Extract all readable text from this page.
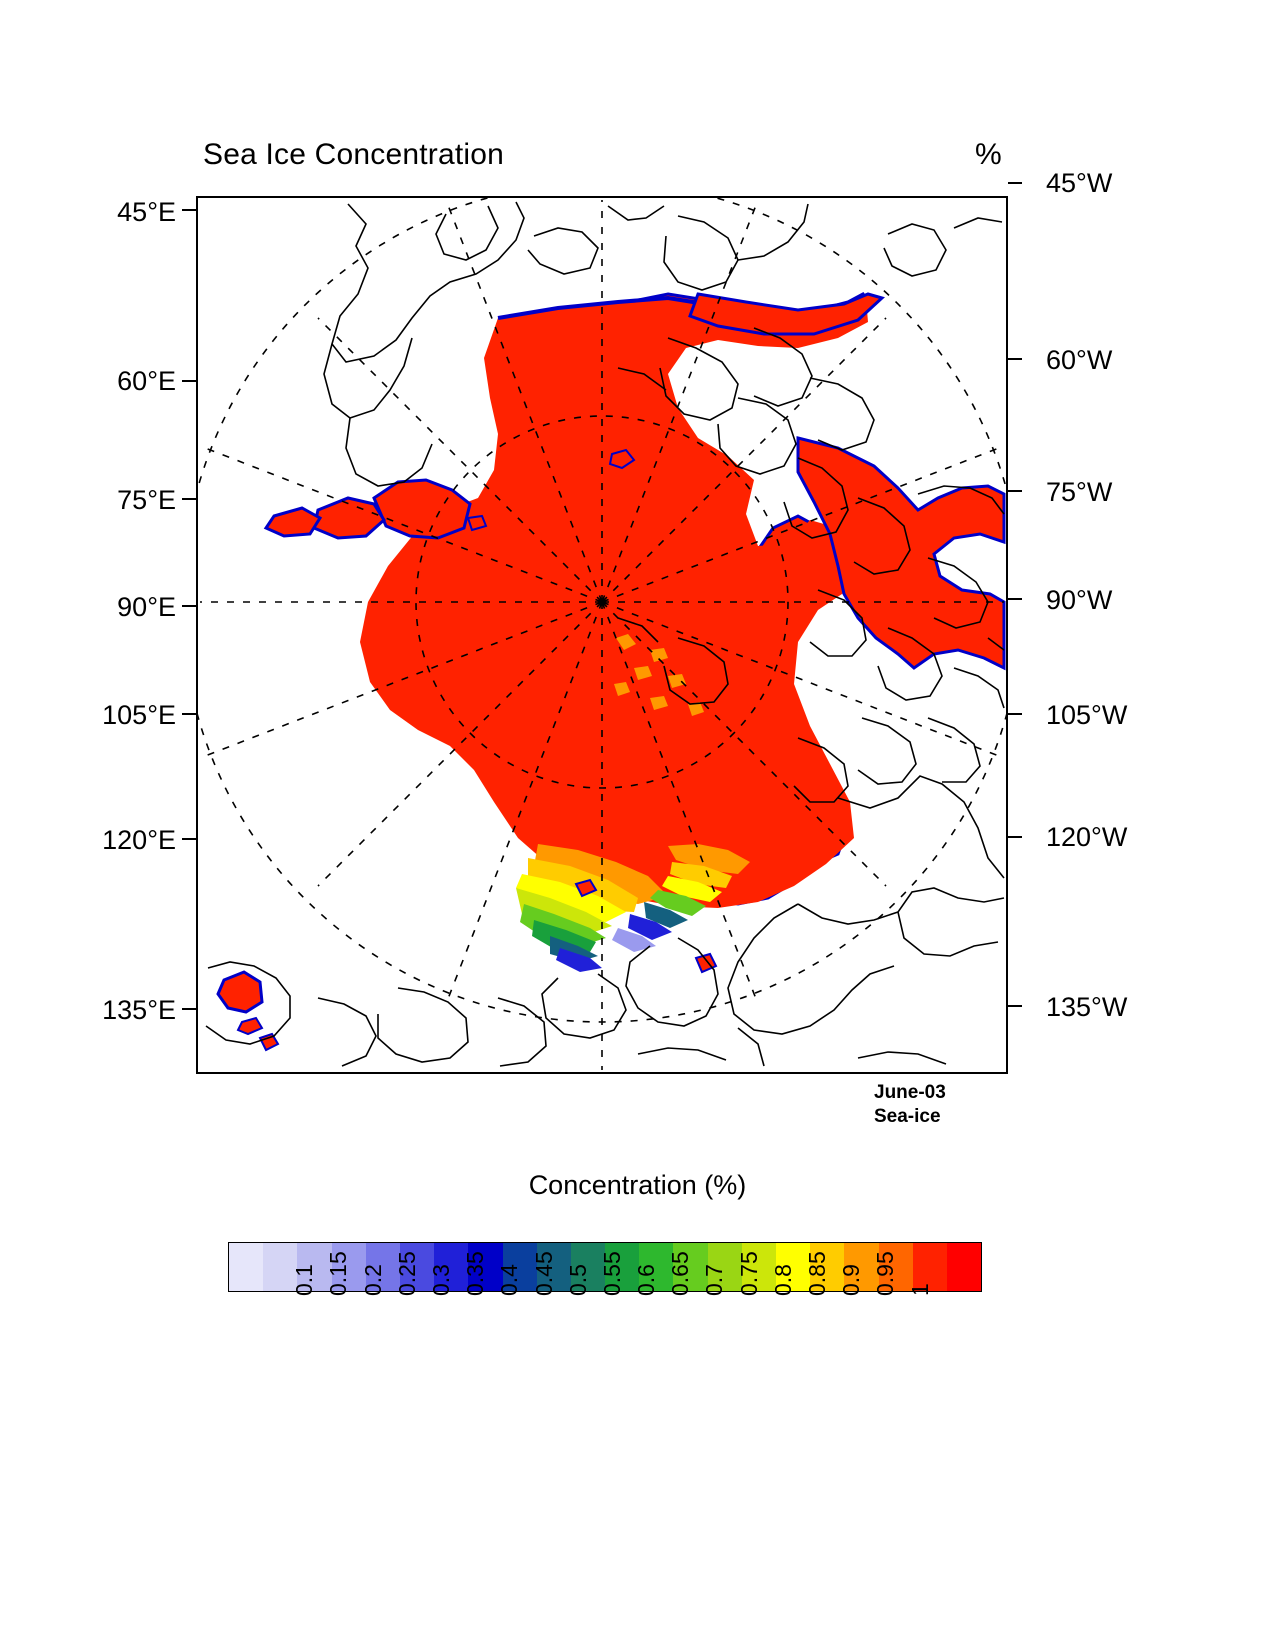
Sea Ice Concentration	%
45°E
60°E
75°E
90°E
105°E
120°E
135°E
45°W
60°W
75°W
90°W
105°W
120°W
135°W
June-03
Sea-ice
Concentration (%)
0.1 0.15 0.2 0.25 0.3 0.35 0.4 0.45 0.5 0.55 0.6 0.65 0.7 0.75 0.8 0.85 0.9 0.95 1
